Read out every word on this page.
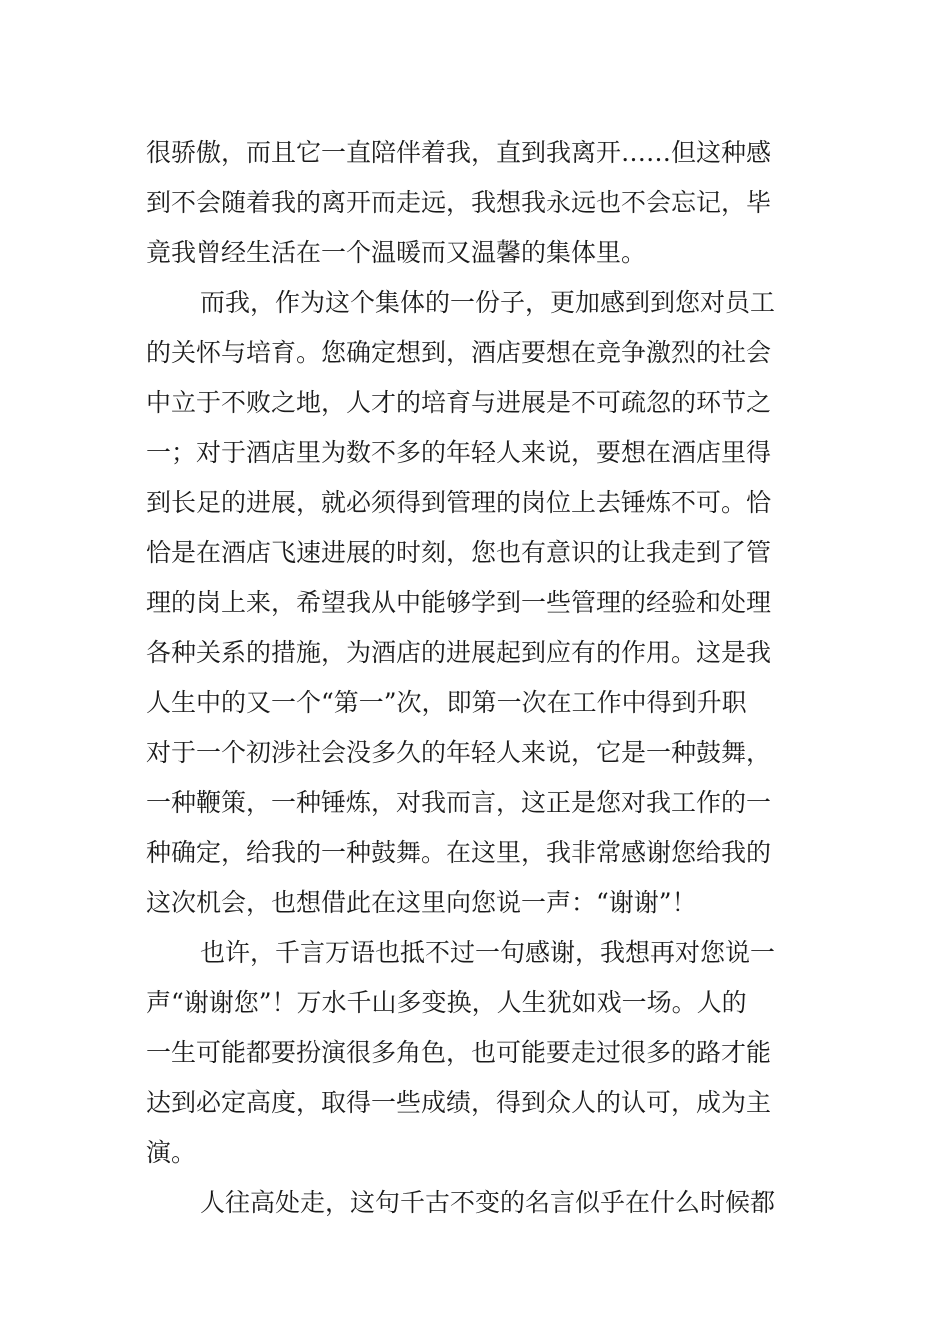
很骄傲，而且它一直陪伴着我，直到我离开……但这种感
到不会随着我的离开而走远，我想我永远也不会忘记，毕
竟我曾经生活在一个温暖而又温馨的集体里。
而我，作为这个集体的一份子，更加感到到您对员工
的关怀与培育。您确定想到，酒店要想在竞争激烈的社会
中立于不败之地，人才的培育与进展是不可疏忽的环节之
一；对于酒店里为数不多的年轻人来说，要想在酒店里得
到长足的进展，就必须得到管理的岗位上去锤炼不可。恰
恰是在酒店飞速进展的时刻，您也有意识的让我走到了管
理的岗上来，希望我从中能够学到一些管理的经验和处理
各种关系的措施，为酒店的进展起到应有的作用。这是我
人生中的又一个“第一”次，即第一次在工作中得到升职
对于一个初涉社会没多久的年轻人来说，它是一种鼓舞，
一种鞭策，一种锤炼，对我而言，这正是您对我工作的一
种确定，给我的一种鼓舞。在这里，我非常感谢您给我的
这次机会，也想借此在这里向您说一声：“谢谢”！
也许，千言万语也抵不过一句感谢，我想再对您说一
声“谢谢您”！万水千山多变换，人生犹如戏一场。人的
一生可能都要扮演很多角色，也可能要走过很多的路才能
达到必定高度，取得一些成绩，得到众人的认可，成为主
演。
人往高处走，这句千古不变的名言似乎在什么时候都
